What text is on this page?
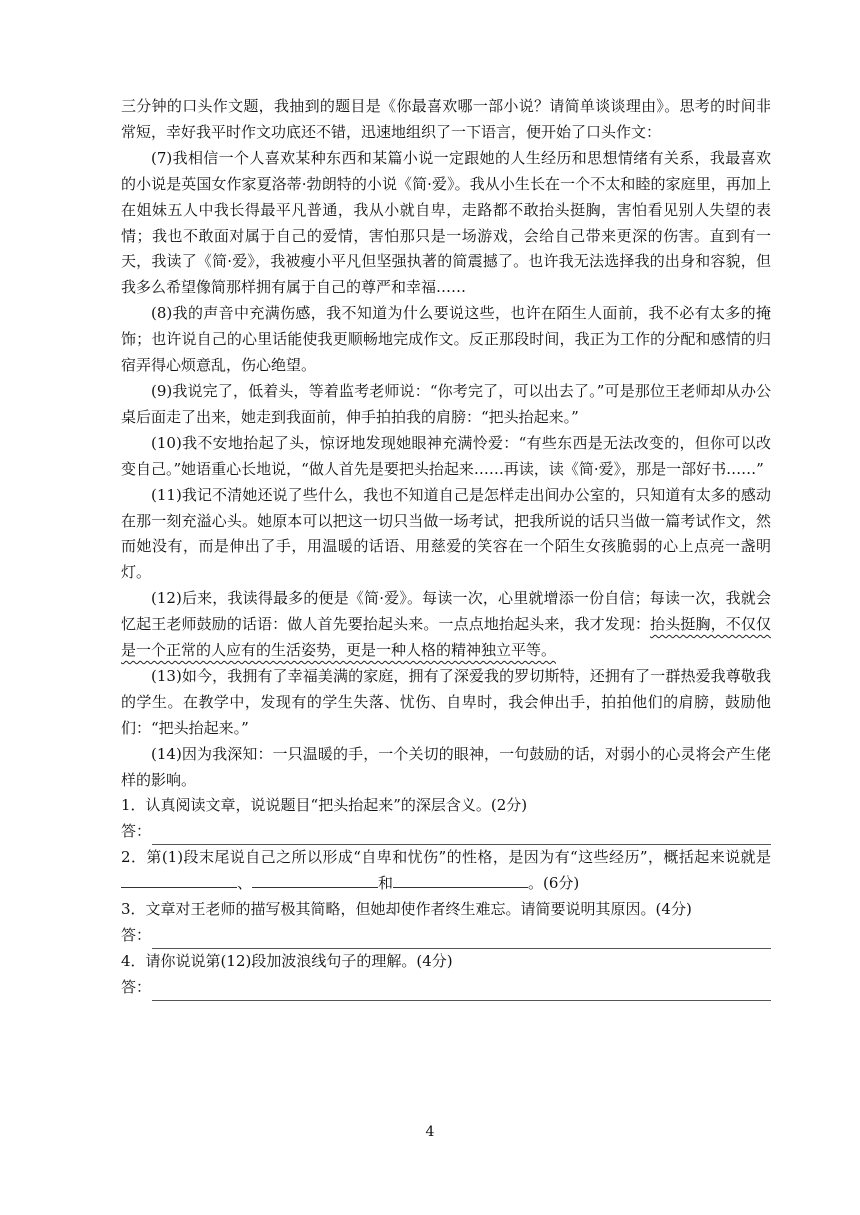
三分钟的口头作文题，我抽到的题目是《你最喜欢哪一部小说？请简单谈谈理由》。思考的时间非常短，幸好我平时作文功底还不错，迅速地组织了一下语言，便开始了口头作文：

(7)我相信一个人喜欢某种东西和某篇小说一定跟她的人生经历和思想情绪有关系，我最喜欢的小说是英国女作家夏洛蒂·勃朗特的小说《简·爱》。我从小生长在一个不太和睦的家庭里，再加上在姐妹五人中我长得最平凡普通，我从小就自卑，走路都不敢抬头挺胸，害怕看见别人失望的表情；我也不敢面对属于自己的爱情，害怕那只是一场游戏，会给自己带来更深的伤害。直到有一天，我读了《简·爱》，我被瘦小平凡但坚强执著的简震撼了。也许我无法选择我的出身和容貌，但我多么希望像简那样拥有属于自己的尊严和幸福……

(8)我的声音中充满伤感，我不知道为什么要说这些，也许在陌生人面前，我不必有太多的掩饰；也许说自己的心里话能使我更顺畅地完成作文。反正那段时间，我正为工作的分配和感情的归宿弄得心烦意乱，伤心绝望。

(9)我说完了，低着头，等着监考老师说：“你考完了，可以出去了。”可是那位王老师却从办公桌后面走了出来，她走到我面前，伸手拍拍我的肩膀：“把头抬起来。”

(10)我不安地抬起了头，惊讶地发现她眼神充满怜爱：“有些东西是无法改变的，但你可以改变自己。”她语重心长地说，“做人首先是要把头抬起来……再读，读《简·爱》，那是一部好书……”

(11)我记不清她还说了些什么，我也不知道自己是怎样走出间办公室的，只知道有太多的感动在那一刻充溢心头。她原本可以把这一切只当做一场考试，把我所说的话只当做一篇考试作文，然而她没有，而是伸出了手，用温暖的话语、用慈爱的笑容在一个陌生女孩脆弱的心上点亮一盏明灯。

(12)后来，我读得最多的便是《简·爱》。每读一次，心里就增添一份自信；每读一次，我就会忆起王老师鼓励的话语：做人首先要抬起头来。一点点地抬起头来，我才发现：抬头挺胸，不仅仅是一个正常的人应有的生活姿势，更是一种人格的精神独立平等。

(13)如今，我拥有了幸福美满的家庭，拥有了深爱我的罗切斯特，还拥有了一群热爱我尊敬我的学生。在教学中，发现有的学生失落、忧伤、自卑时，我会伸出手，拍拍他们的肩膀，鼓励他们：“把头抬起来。”

(14)因为我深知：一只温暖的手，一个关切的眼神，一句鼓励的话，对弱小的心灵将会产生佬样的影响。

1．认真阅读文章，说说题目“把头抬起来”的深层含义。(2分)

答：

2．第(1)段末尾说自己之所以形成“自卑和忧伤”的性格，是因为有“这些经历”，概括起来说就是、	和	。(6分)

3．文章对王老师的描写极其简略，但她却使作者终生难忘。请简要说明其原因。(4分)

答：

4．请你说说第(12)段加波浪线句子的理解。(4分)

答：
4
